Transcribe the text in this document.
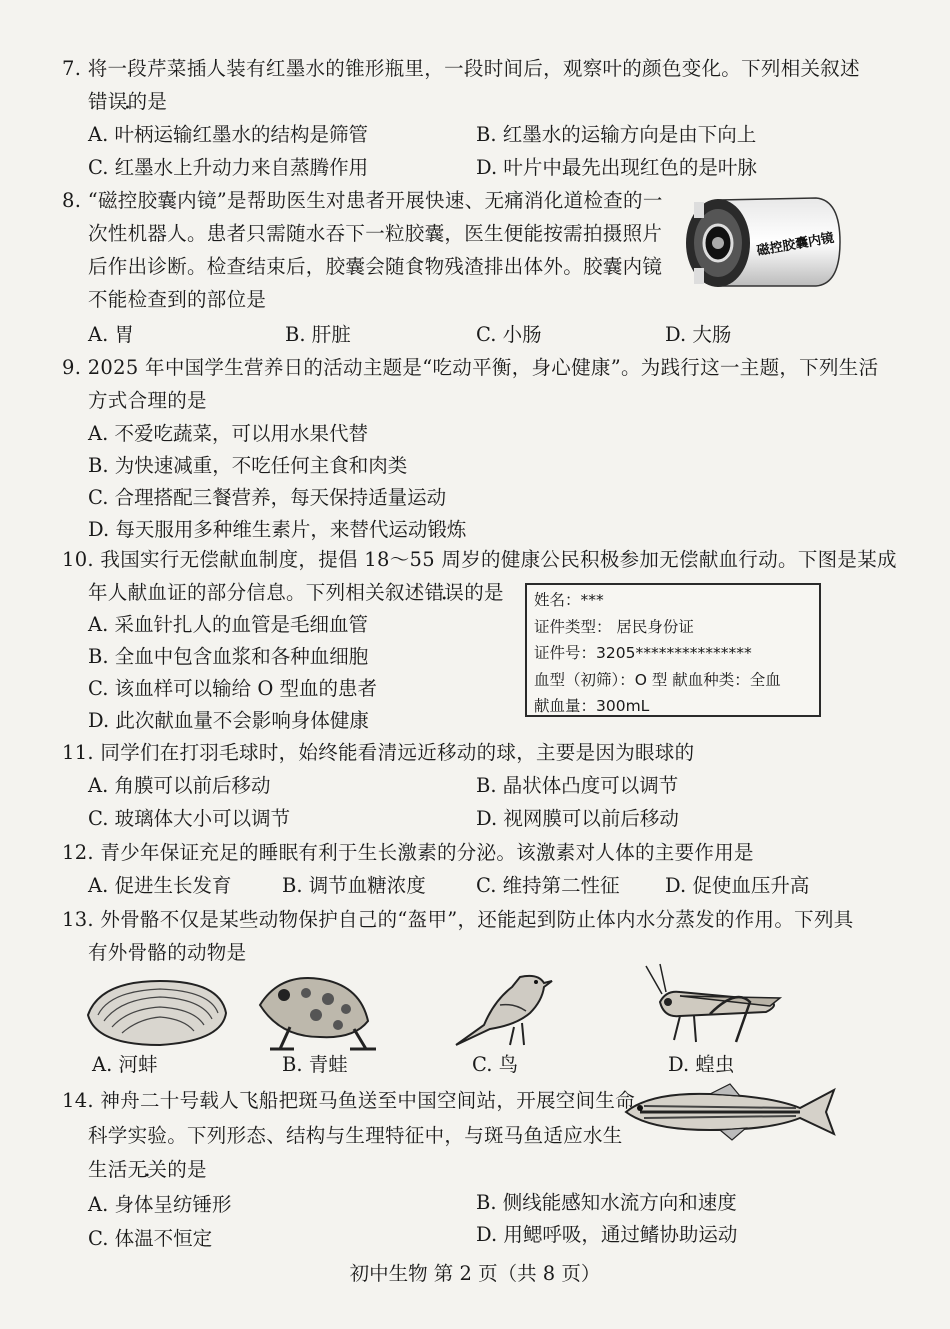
7. 将一段芹菜插人装有红墨水的锥形瓶里，一段时间后，观察叶的颜色变化。下列相关叙述
错误的是
A. 叶柄运输红墨水的结构是筛管	B. 红墨水的运输方向是由下向上
C. 红墨水上升动力来自蒸腾作用	D. 叶片中最先出现红色的是叶脉
8. “磁控胶囊内镜”是帮助医生对患者开展快速、无痛消化道检查的一
次性机器人。患者只需随水吞下一粒胶囊，医生便能按需拍摄照片
后作出诊断。检查结束后，胶囊会随食物残渣排出体外。胶囊内镜
不能检查到的部位是
A. 胃	B. 肝脏	C. 小肠	D. 大肠
磁控胶囊内镜
9. 2025 年中国学生营养日的活动主题是“吃动平衡，身心健康”。为践行这一主题，下列生活
方式合理的是
A. 不爱吃蔬菜，可以用水果代替
B. 为快速减重，不吃任何主食和肉类
C. 合理搭配三餐营养，每天保持适量运动
D. 每天服用多种维生素片，来替代运动锻炼
10. 我国实行无偿献血制度，提倡 18～55 周岁的健康公民积极参加无偿献血行动。下图是某成
年人献血证的部分信息。下列相关叙述错误的是
A. 采血针扎人的血管是毛细血管
B. 全血中包含血浆和各种血细胞
C. 该血样可以输给 O 型血的患者
D. 此次献血量不会影响身体健康
姓名：***
证件类型： 居民身份证
证件号：3205***************
血型（初筛）：O 型 献血种类：全血
献血量：300mL
11. 同学们在打羽毛球时，始终能看清远近移动的球，主要是因为眼球的
A. 角膜可以前后移动	B. 晶状体凸度可以调节
C. 玻璃体大小可以调节	D. 视网膜可以前后移动
12. 青少年保证充足的睡眠有利于生长激素的分泌。该激素对人体的主要作用是
A. 促进生长发育	B. 调节血糖浓度	C. 维持第二性征 D. 促使血压升高
13. 外骨骼不仅是某些动物保护自己的“盔甲”，还能起到防止体内水分蒸发的作用。下列具
有外骨骼的动物是
A. 河蚌	B. 青蛙	C. 鸟	D. 蝗虫
14. 神舟二十号载人飞船把斑马鱼送至中国空间站，开展空间生命
科学实验。下列形态、结构与生理特征中，与斑马鱼适应水生
生活无关的是
A. 身体呈纺锤形	B. 侧线能感知水流方向和速度
C. 体温不恒定	D. 用鳃呼吸，通过鳍协助运动
初中生物 第 2 页（共 8 页）
